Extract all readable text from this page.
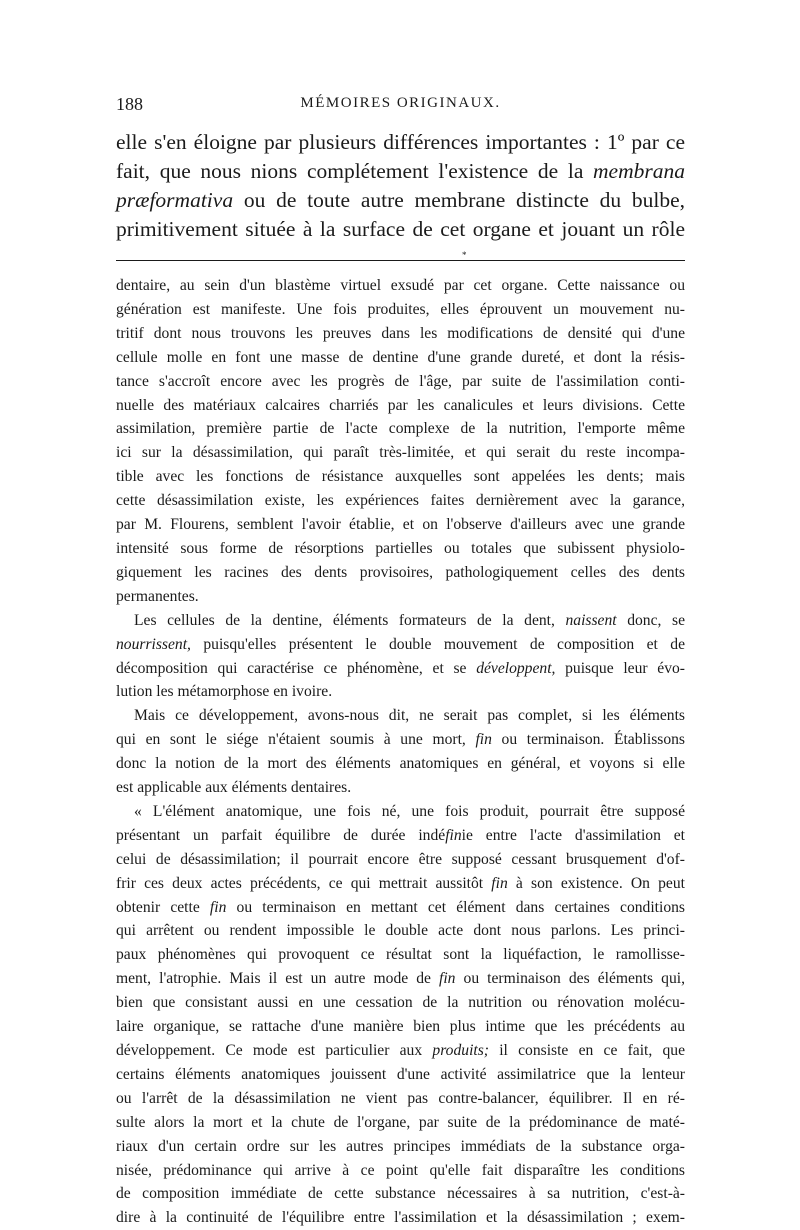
188	MÉMOIRES ORIGINAUX.
elle s'en éloigne par plusieurs différences importantes : 1º par ce
fait, que nous nions complétement l'existence de la membrana
præformativa ou de toute autre membrane distincte du bulbe,
primitivement située à la surface de cet organe et jouant un rôle
*
dentaire, au sein d'un blastème virtuel exsudé par cet organe. Cette naissance ou
génération est manifeste. Une fois produites, elles éprouvent un mouvement nu-
tritif dont nous trouvons les preuves dans les modifications de densité qui d'une
cellule molle en font une masse de dentine d'une grande dureté, et dont la résis-
tance s'accroît encore avec les progrès de l'âge, par suite de l'assimilation conti-
nuelle des matériaux calcaires charriés par les canalicules et leurs divisions. Cette
assimilation, première partie de l'acte complexe de la nutrition, l'emporte même
ici sur la désassimilation, qui paraît très-limitée, et qui serait du reste incompa-
tible avec les fonctions de résistance auxquelles sont appelées les dents; mais
cette désassimilation existe, les expériences faites dernièrement avec la garance,
par M. Flourens, semblent l'avoir établie, et on l'observe d'ailleurs avec une grande
intensité sous forme de résorptions partielles ou totales que subissent physiolo-
giquement les racines des dents provisoires, pathologiquement celles des dents
permanentes.
Les cellules de la dentine, éléments formateurs de la dent, naissent donc, se
nourrissent, puisqu'elles présentent le double mouvement de composition et de
décomposition qui caractérise ce phénomène, et se développent, puisque leur évo-
lution les métamorphose en ivoire.
Mais ce développement, avons-nous dit, ne serait pas complet, si les éléments
qui en sont le siége n'étaient soumis à une mort, fin ou terminaison. Établissons
donc la notion de la mort des éléments anatomiques en général, et voyons si elle
est applicable aux éléments dentaires.
« L'élément anatomique, une fois né, une fois produit, pourrait être supposé
présentant un parfait équilibre de durée indéfinie entre l'acte d'assimilation et
celui de désassimilation; il pourrait encore être supposé cessant brusquement d'of-
frir ces deux actes précédents, ce qui mettrait aussitôt fin à son existence. On peut
obtenir cette fin ou terminaison en mettant cet élément dans certaines conditions
qui arrêtent ou rendent impossible le double acte dont nous parlons. Les princi-
paux phénomènes qui provoquent ce résultat sont la liquéfaction, le ramollisse-
ment, l'atrophie. Mais il est un autre mode de fin ou terminaison des éléments qui,
bien que consistant aussi en une cessation de la nutrition ou rénovation molécu-
laire organique, se rattache d'une manière bien plus intime que les précédents au
développement. Ce mode est particulier aux produits; il consiste en ce fait, que
certains éléments anatomiques jouissent d'une activité assimilatrice que la lenteur
ou l'arrêt de la désassimilation ne vient pas contre-balancer, équilibrer. Il en ré-
sulte alors la mort et la chute de l'organe, par suite de la prédominance de maté-
riaux d'un certain ordre sur les autres principes immédiats de la substance orga-
nisée, prédominance qui arrive à ce point qu'elle fait disparaître les conditions
de composition immédiate de cette substance nécessaires à sa nutrition, c'est-à-
dire à la continuité de l'équilibre entre l'assimilation et la désassimilation ; exem-
